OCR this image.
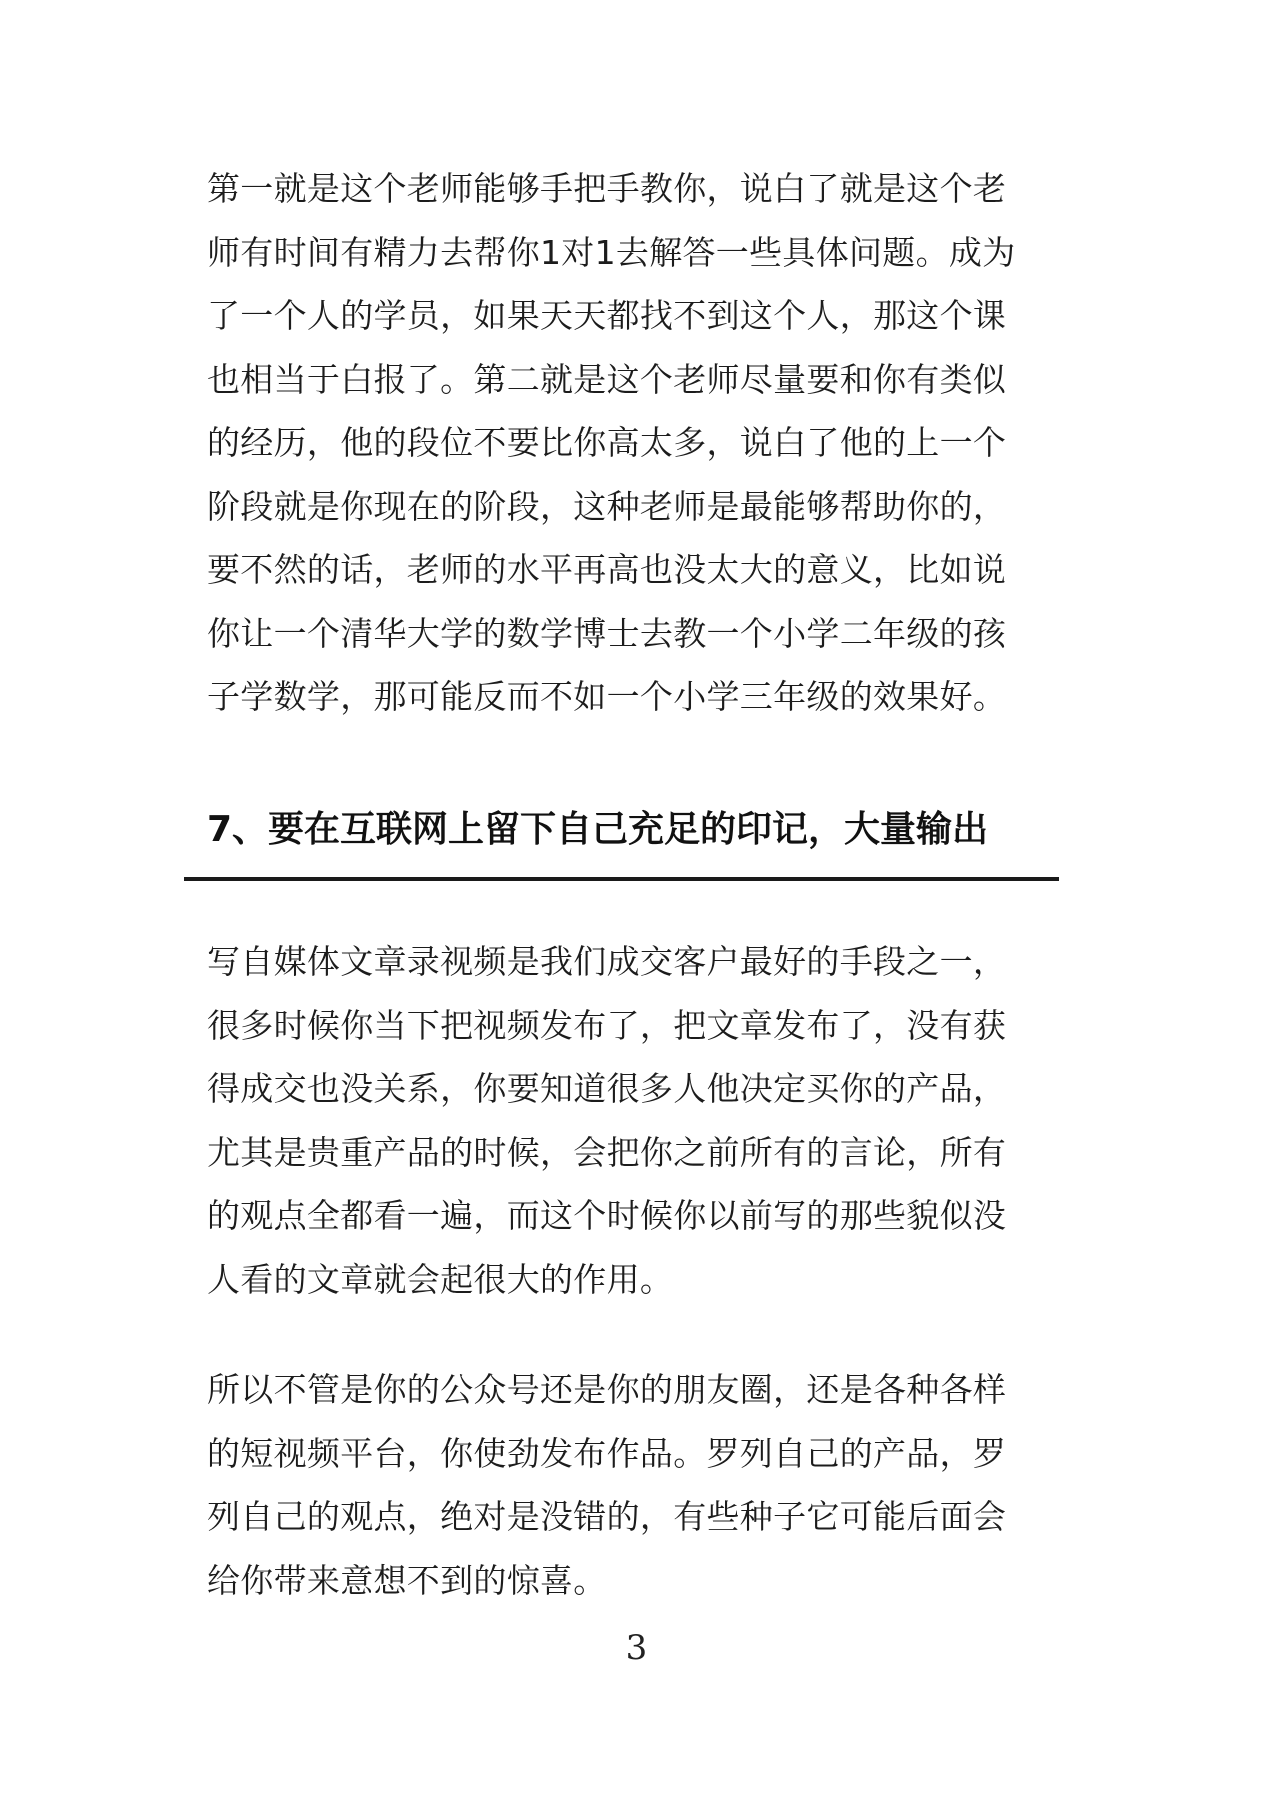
第一就是这个老师能够手把手教你，说白了就是这个老
师有时间有精力去帮你1对1去解答一些具体问题。成为
了一个人的学员，如果天天都找不到这个人，那这个课
也相当于白报了。第二就是这个老师尽量要和你有类似
的经历，他的段位不要比你高太多，说白了他的上一个
阶段就是你现在的阶段，这种老师是最能够帮助你的，
要不然的话，老师的水平再高也没太大的意义，比如说
你让一个清华大学的数学博士去教一个小学二年级的孩
子学数学，那可能反而不如一个小学三年级的效果好。
7、要在互联网上留下自己充足的印记，大量输出
写自媒体文章录视频是我们成交客户最好的手段之一，
很多时候你当下把视频发布了，把文章发布了，没有获
得成交也没关系，你要知道很多人他决定买你的产品，
尤其是贵重产品的时候，会把你之前所有的言论，所有
的观点全都看一遍，而这个时候你以前写的那些貌似没
人看的文章就会起很大的作用。
所以不管是你的公众号还是你的朋友圈，还是各种各样
的短视频平台，你使劲发布作品。罗列自己的产品，罗
列自己的观点，绝对是没错的，有些种子它可能后面会
给你带来意想不到的惊喜。
3
